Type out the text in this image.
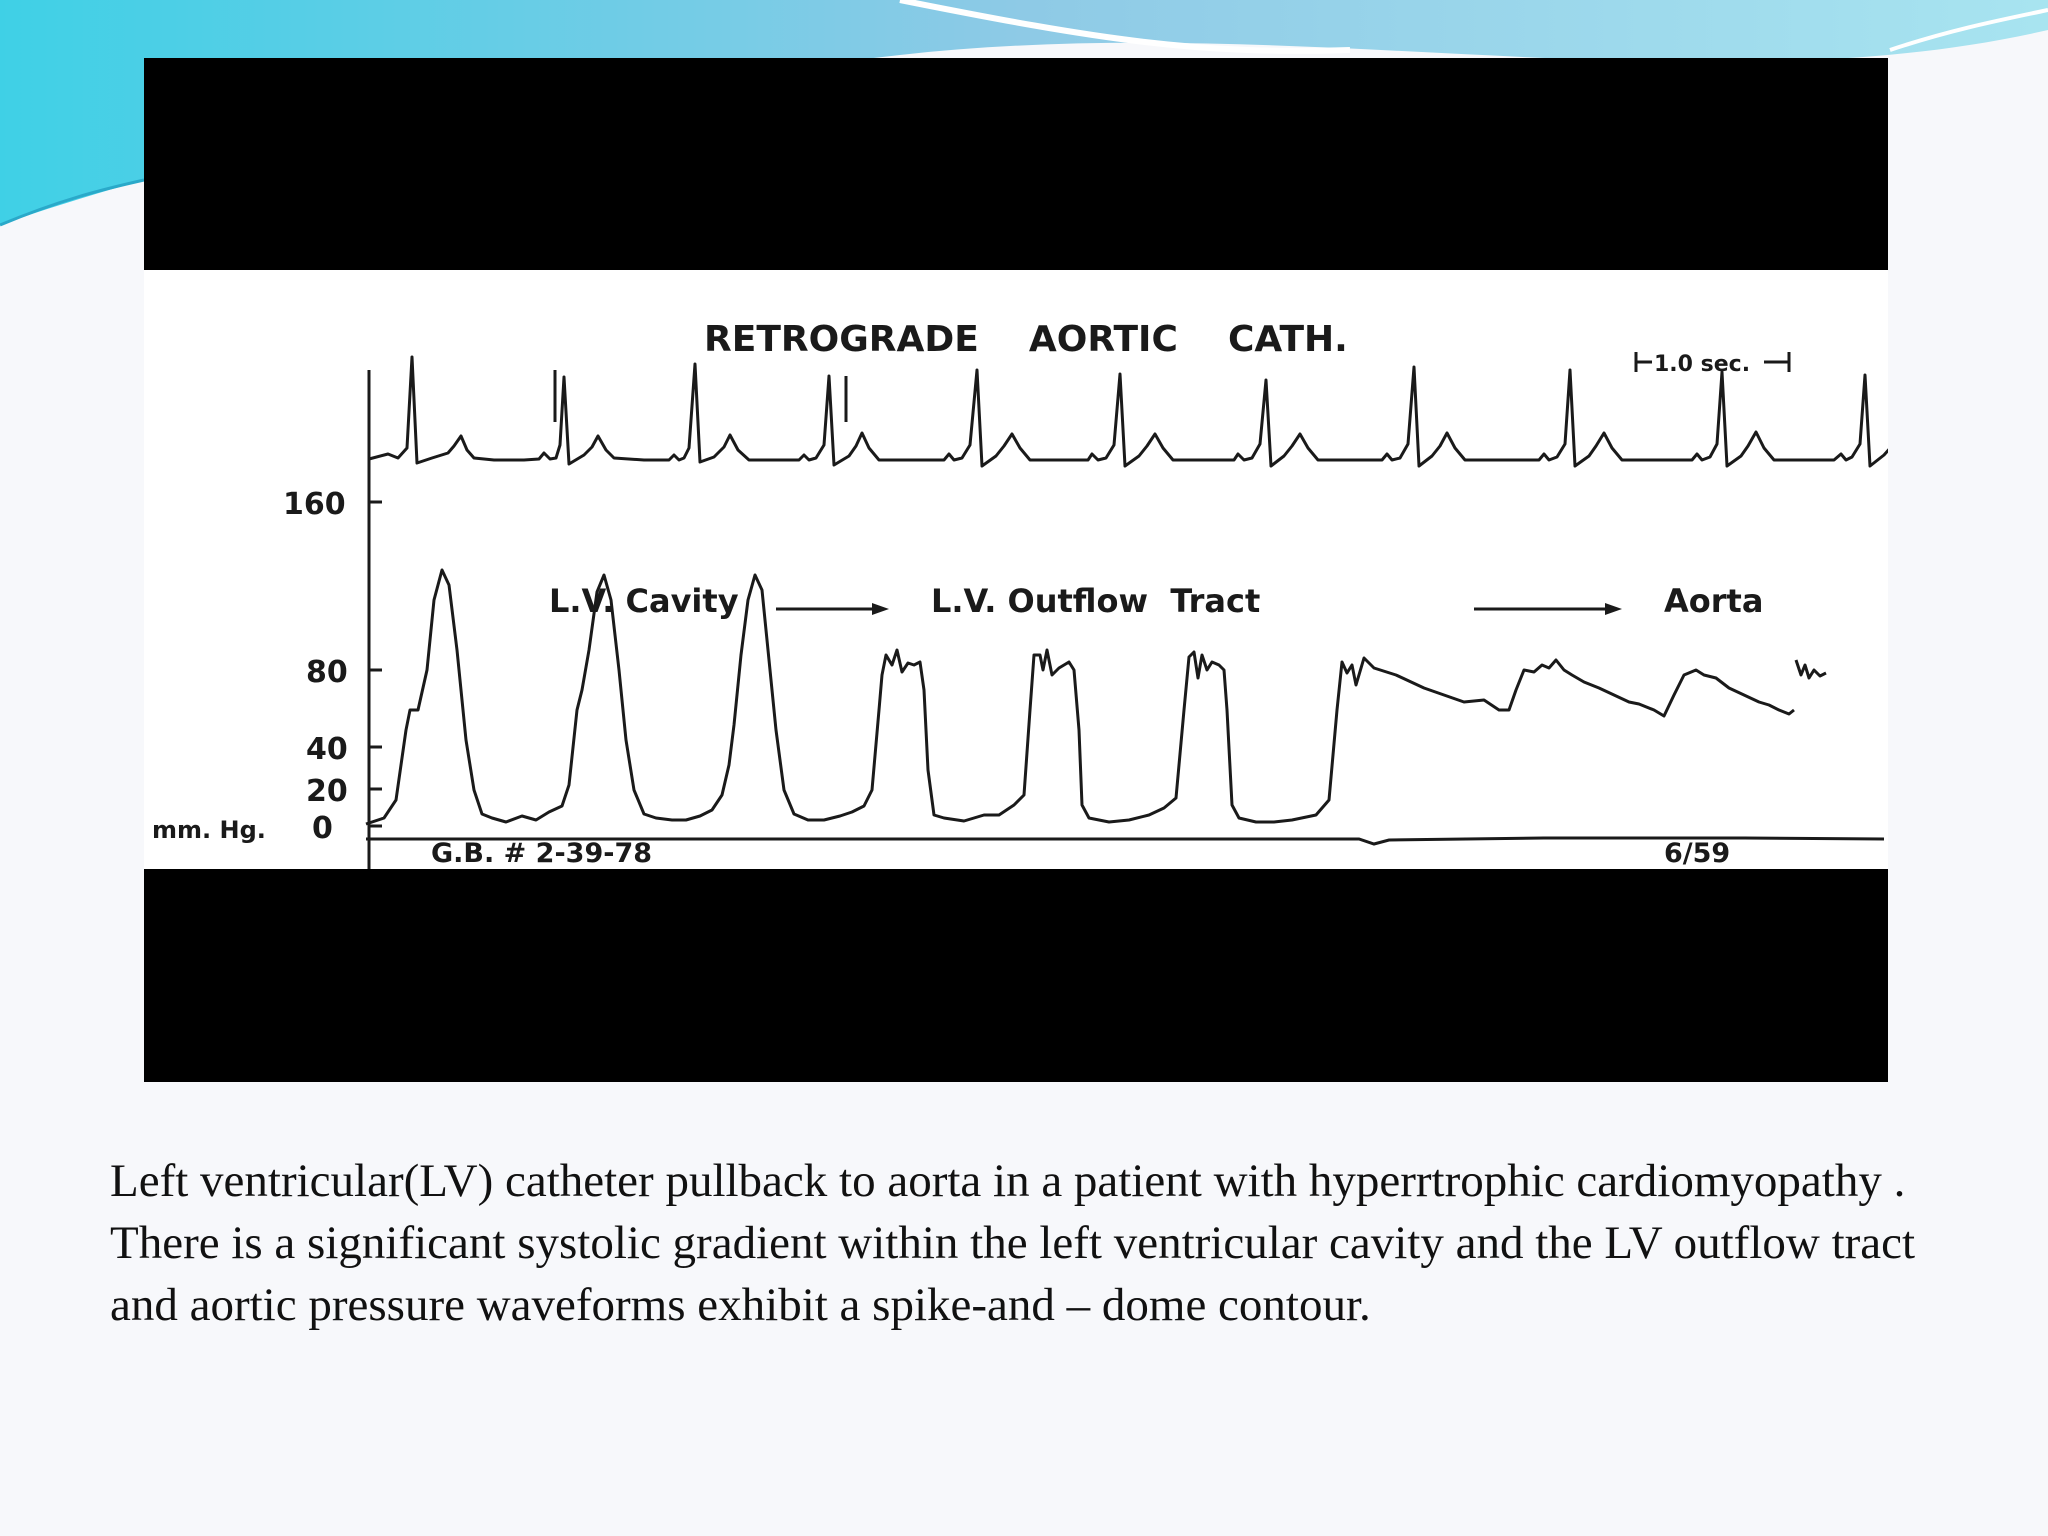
RETROGRADE    AORTIC    CATH.
1.0 sec.
160
80
40
20
0
mm. Hg.
L.V. Cavity	L.V. Outflow  Tract	Aorta
G.B. # 2-39-78	6/59

Left ventricular(LV) catheter pullback to aorta in a patient with hyperrtrophic cardiomyopathy . There is a significant systolic gradient within the left ventricular cavity and the LV outflow tract and aortic pressure waveforms exhibit a spike-and – dome contour.
